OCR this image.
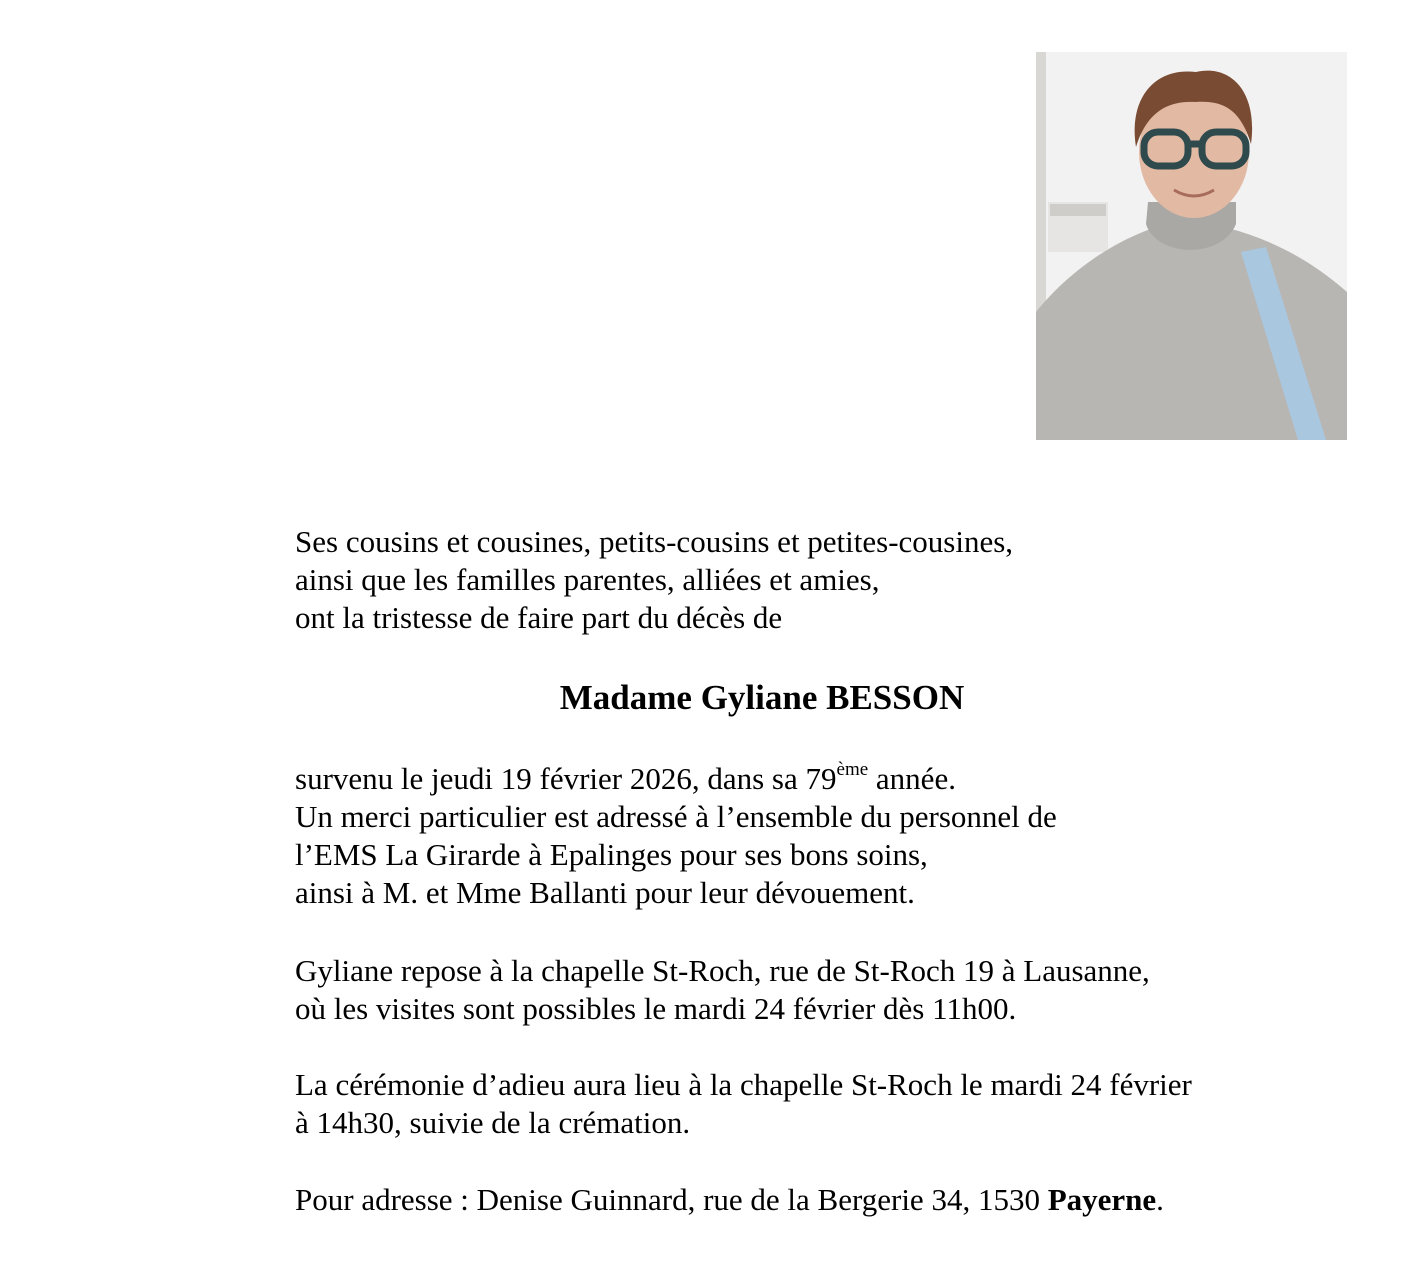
Ses cousins et cousines, petits-cousins et petites-cousines,
ainsi que les familles parentes, alliées et amies,
ont la tristesse de faire part du décès de
Madame Gyliane BESSON
survenu le jeudi 19 février 2026, dans sa 79ème année.
Un merci particulier est adressé à l’ensemble du personnel de
l’EMS La Girarde à Epalinges pour ses bons soins,
ainsi à M. et Mme Ballanti pour leur dévouement.
Gyliane repose à la chapelle St-Roch, rue de St-Roch 19 à Lausanne,
où les visites sont possibles le mardi 24 février dès 11h00.
La cérémonie d’adieu aura lieu à la chapelle St-Roch le mardi 24 février
à 14h30, suivie de la crémation.
Pour adresse : Denise Guinnard, rue de la Bergerie 34, 1530 Payerne.
